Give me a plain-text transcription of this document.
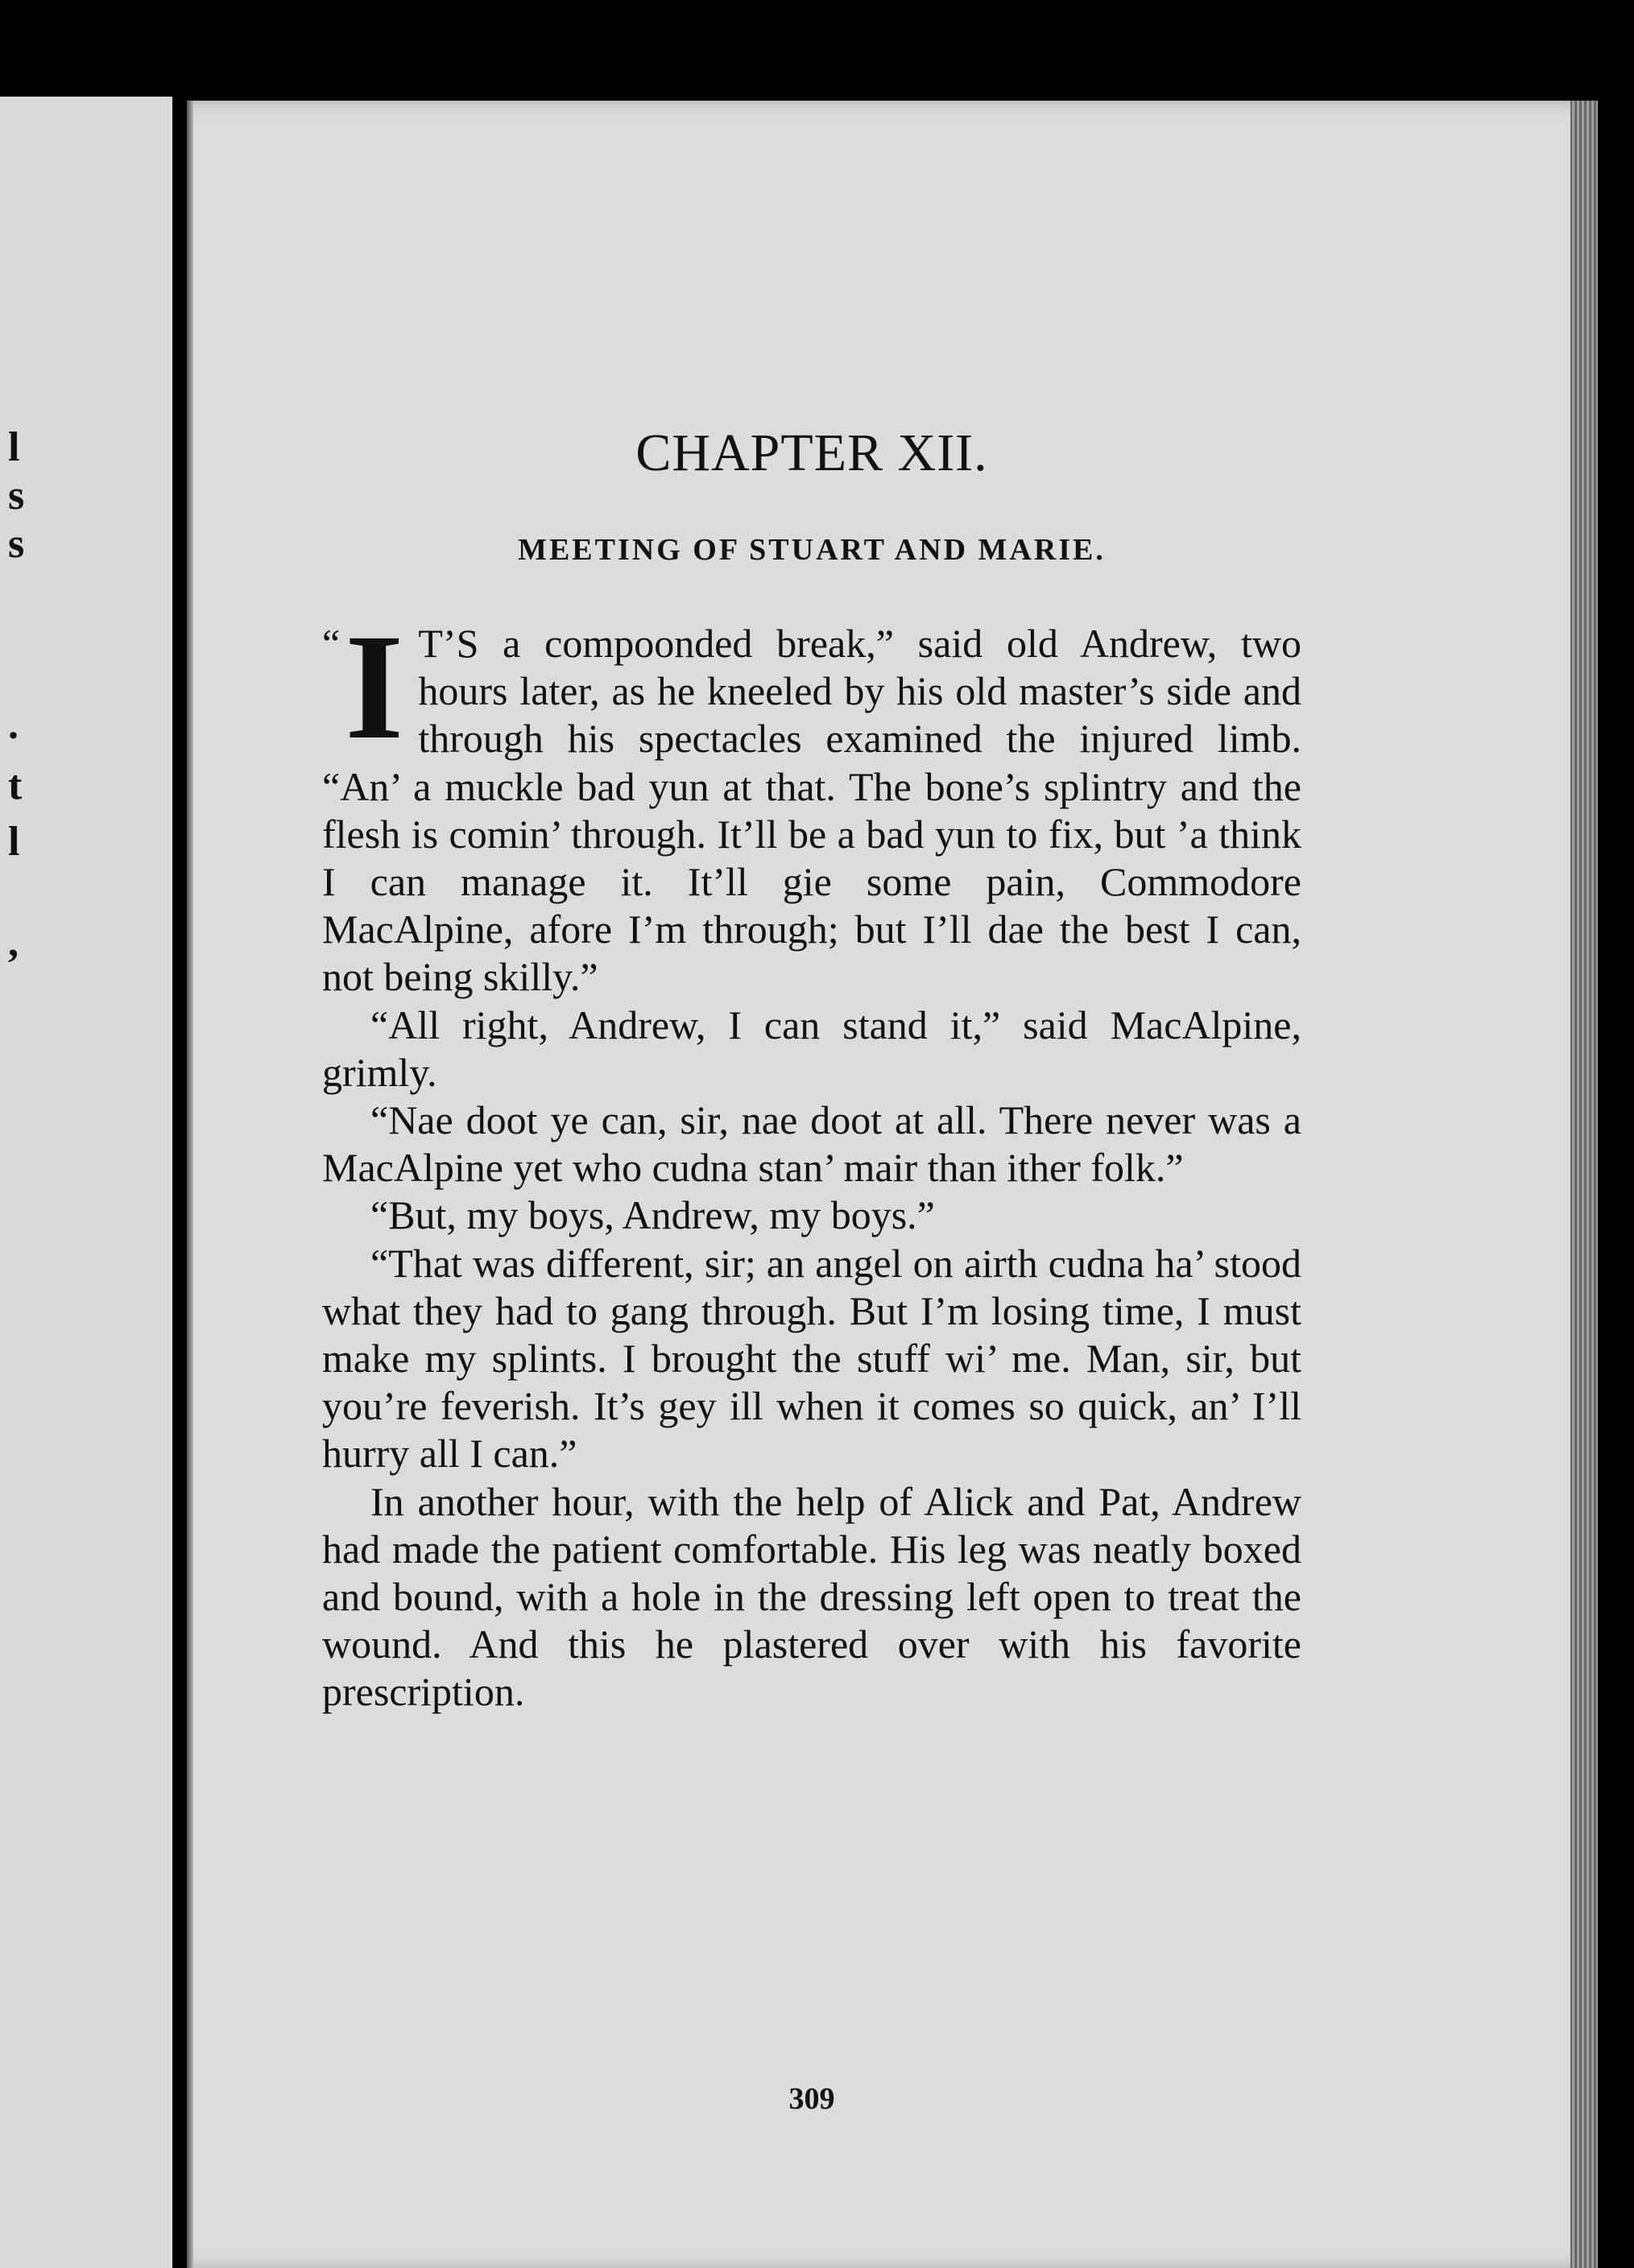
l
s
s
.
t
l
,
CHAPTER XII.
MEETING OF STUART AND MARIE.

“ I T’S a compoonded break,” said old Andrew, two hours later, as he kneeled by his old master’s side and through his spectacles examined the injured limb. “An’ a muckle bad yun at that. The bone’s splintry and the flesh is comin’ through. It’ll be a bad yun to fix, but ’a think I can manage it. It’ll gie some pain, Commodore MacAlpine, afore I’m through; but I’ll dae the best I can, not being skilly.”

“All right, Andrew, I can stand it,” said MacAlpine, grimly.

“Nae doot ye can, sir, nae doot at all. There never was a MacAlpine yet who cudna stan’ mair than ither folk.”

“But, my boys, Andrew, my boys.”

“That was different, sir; an angel on airth cudna ha’ stood what they had to gang through. But I’m losing time, I must make my splints. I brought the stuff wi’ me. Man, sir, but you’re feverish. It’s gey ill when it comes so quick, an’ I’ll hurry all I can.”

In another hour, with the help of Alick and Pat, Andrew had made the patient comfortable. His leg was neatly boxed and bound, with a hole in the dressing left open to treat the wound. And this he plastered over with his favorite prescription.

309
